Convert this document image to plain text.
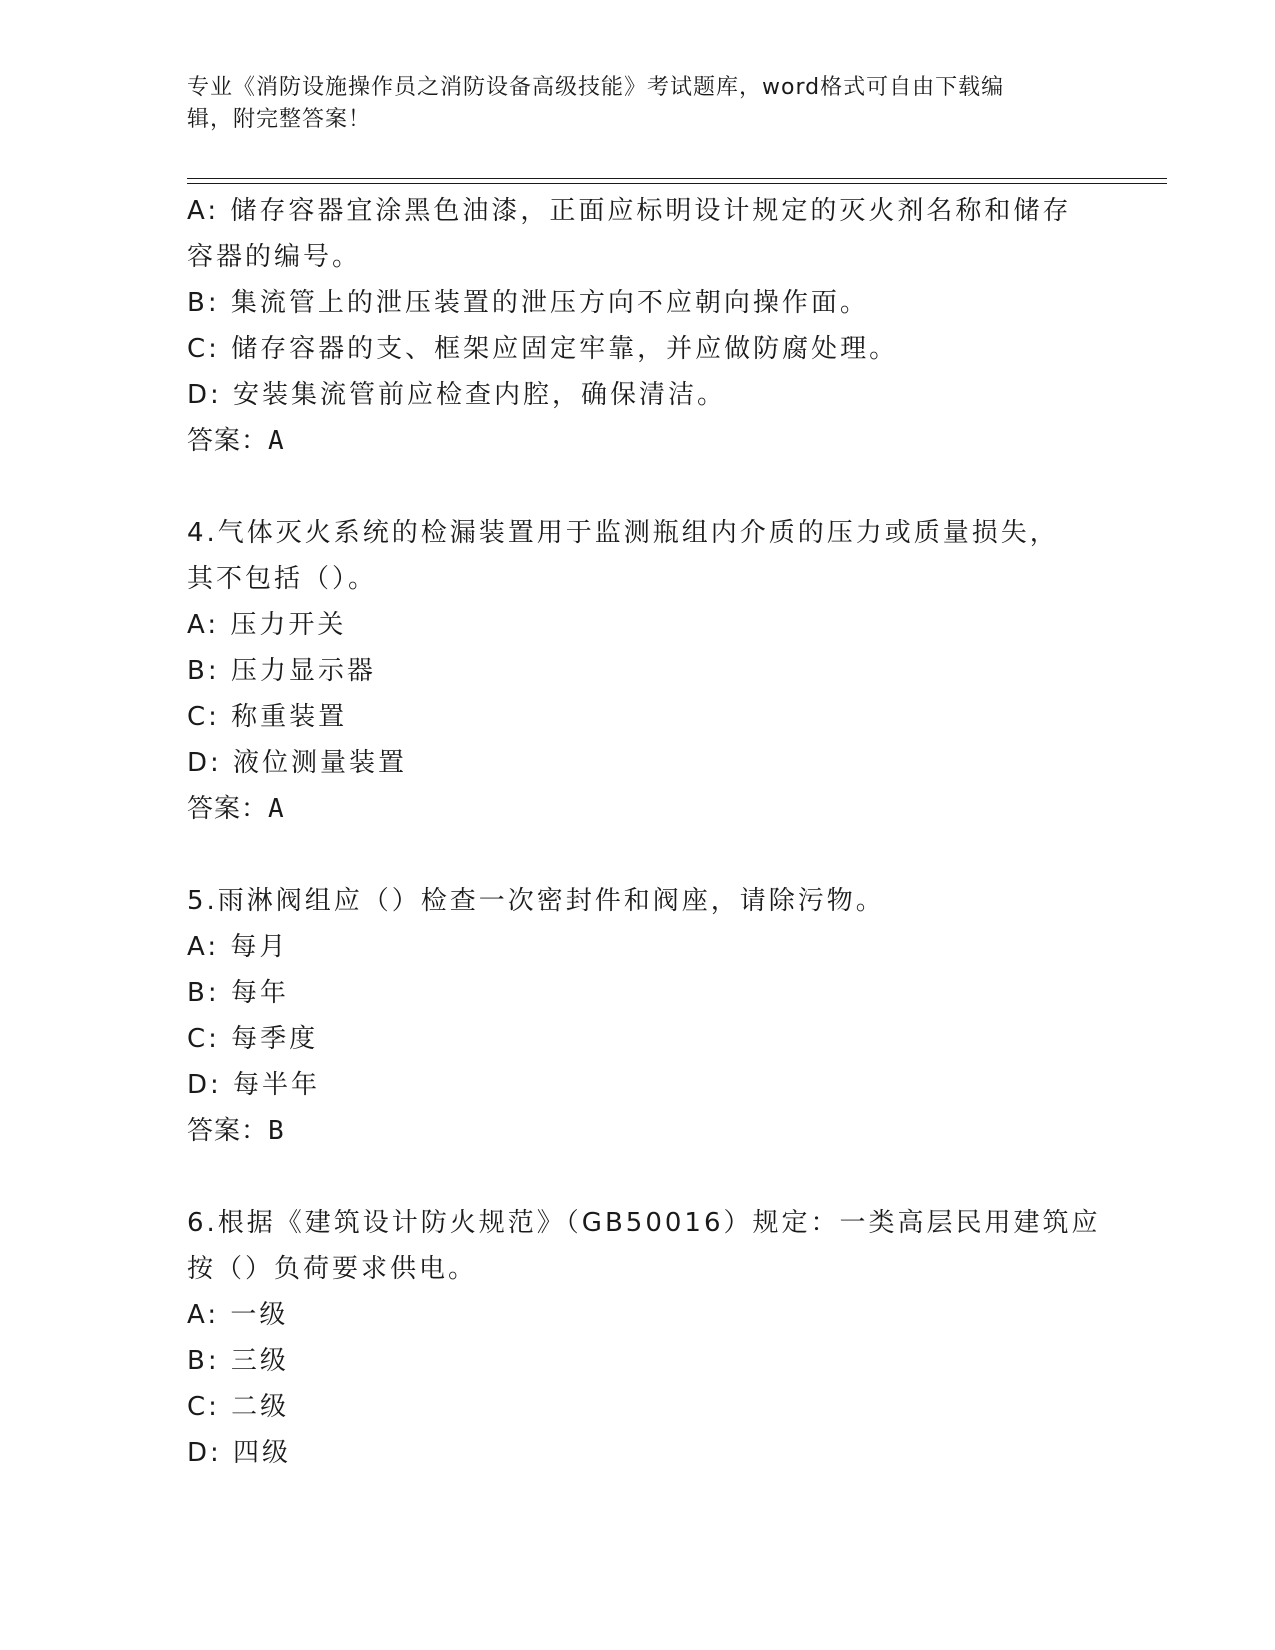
专业《消防设施操作员之消防设备高级技能》考试题库，word格式可自由下载编
辑，附完整答案！
A: 储存容器宜涂黑色油漆，正面应标明设计规定的灭火剂名称和储存
容器的编号。
B: 集流管上的泄压装置的泄压方向不应朝向操作面。
C: 储存容器的支、框架应固定牢靠，并应做防腐处理。
D: 安装集流管前应检查内腔，确保清洁。
答案：A
4.气体灭火系统的检漏装置用于监测瓶组内介质的压力或质量损失，
其不包括（）。
A: 压力开关
B: 压力显示器
C: 称重装置
D: 液位测量装置
答案：A
5.雨淋阀组应（）检查一次密封件和阀座，请除污物。
A: 每月
B: 每年
C: 每季度
D: 每半年
答案：B
6.根据《建筑设计防火规范》（GB50016）规定：一类高层民用建筑应
按（）负荷要求供电。
A: 一级
B: 三级
C: 二级
D: 四级
